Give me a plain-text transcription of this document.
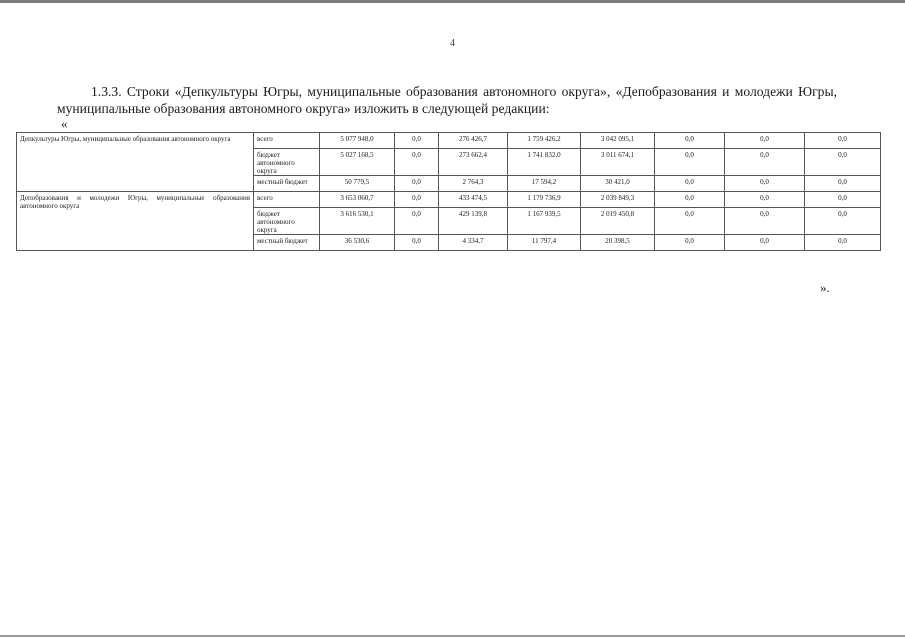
4

1.3.3. Строки «Депкультуры Югры, муниципальные образования автономного округа», «Депобразования и молодежи Югры, муниципальные образования автономного округа» изложить в следующей редакции:

«
Депкультуры Югры, муниципальные образования автономного округа	всего	5 077 948,0	0,0	276 426,7	1 759 426,2	3 042 095,1	0,0	0,0	0,0
	бюджет автономного округа	5 027 168,5	0,0	273 662,4	1 741 832,0	3 011 674,1	0,0	0,0	0,0
	местный бюджет	50 779,5	0,0	2 764,3	17 594,2	30 421,0	0,0	0,0	0,0
Депобразования и молодежи Югры, муниципальные образования автономного округа	всего	3 653 060,7	0,0	433 474,5	1 179 736,9	2 039 849,3	0,0	0,0	0,0
	бюджет автономного округа	3 616 530,1	0,0	429 139,8	1 167 939,5	2 019 450,8	0,0	0,0	0,0
	местный бюджет	36 530,6	0,0	4 334,7	11 797,4	20 398,5	0,0	0,0	0,0
».
